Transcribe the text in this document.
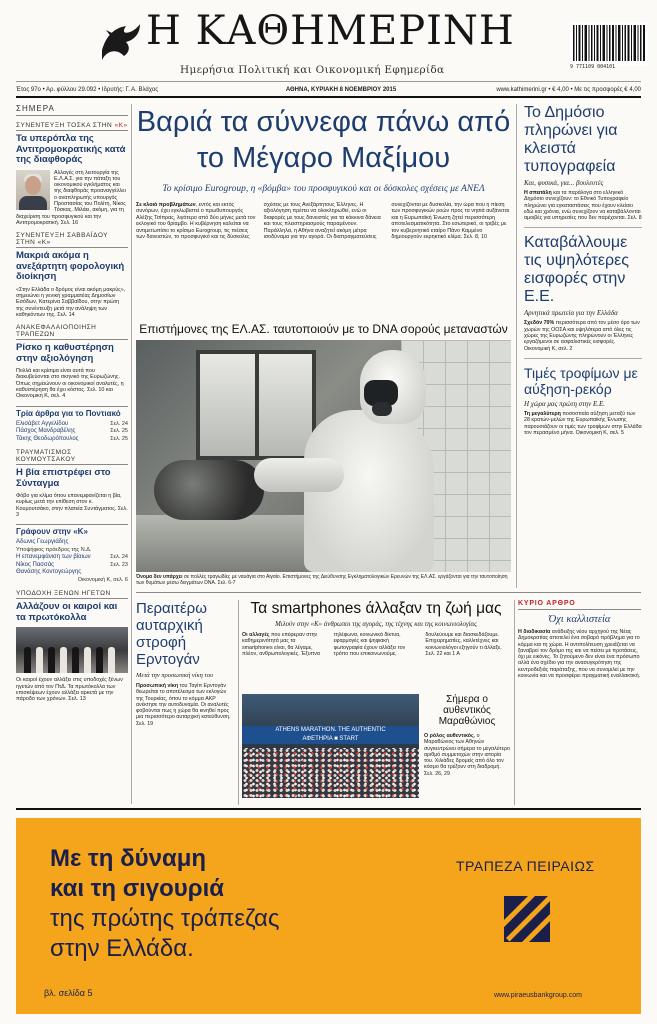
Η ΚΑΘΗΜΕΡΙΝΗ
Ημερήσια Πολιτική και Οικονομική Εφημερίδα	9 771109 004101
Έτος 97ο • Αρ. φύλλου 29.092 • Ιδρυτής: Γ. Α. Βλάχος	ΑΘΗΝΑ, ΚΥΡΙΑΚΗ 8 ΝΟΕΜΒΡΙΟΥ 2015	www.kathimerini.gr • € 4,00 • Με τις προσφορές € 4,00
ΣΗΜΕΡΑ
ΣΥΝΕΝΤΕΥΞΗ ΤΟΣΚΑ ΣΤΗΝ «Κ»
Τα υπερόπλα της Αντιτρομοκρατικής κατά της διαφθοράς
Αλλαγές στη λειτουργία της Ε.Λ.Α.Σ. για την πάταξη του οικονομικού εγκλήματος και της διαφθοράς προαναγγέλλει ο αναπληρωτής υπουργός Προστασίας του Πολίτη, Νίκος Τόσκας. Μιλάει, ακόμη, για τη διαχείριση του προσφυγικού και την Αντιτρομοκρατική. Σελ. 16
ΣΥΝΕΝΤΕΥΞΗ ΣΑΒΒΑΪΔΟΥ ΣΤΗΝ «Κ»
Μακριά ακόμα η ανεξάρτητη φορολογική διοίκηση
«Στην Ελλάδα ο δρόμος είναι ακόμη μακρύς», σημειώνει η γενική γραμματέας Δημοσίων Εσόδων, Κατερίνα Σαββαΐδου, στην πρώτη της συνέντευξη μετά την ανάληψη των καθηκόντων της. Σελ. 14
ΑΝΑΚΕΦΑΛΑΙΟΠΟΙΗΣΗ ΤΡΑΠΕΖΩΝ
Ρίσκο η καθυστέρηση στην αξιολόγηση
Πολλά και κρίσιμα είναι αυτά που διακυβεύονται στο σκηνικό της Ευρωζώνης. Όπως σημειώνουν οι οικονομικοί αναλυτές, η καθυστέρηση θα έχει κόστος. Σελ. 10 και Οικονομική Κ, σελ. 4
Τρία άρθρα για το Ποντιακό
Ελισάβετ Αγγελίδου	Σελ. 24
Πάσχος Μανδραβέλης	Σελ. 25
Τάκης Θεοδωρόπουλος	Σελ. 25
ΤΡΑΥΜΑΤΙΣΜΟΣ ΚΟΥΜΟΥΤΣΑΚΟΥ
Η βία επιστρέφει στο Σύνταγμα
Φόβο για κλίμα όπου επανεμφανίζεται η βία, κυρίως μετά την επίθεση στον κ. Κουμουτσάκο, στην πλατεία Συντάγματος. Σελ. 3
Γράφουν στην «Κ»
Αδωνις Γεωργιάδης
Υποψήφιος πρόεδρος της Ν.Δ.
Η επανεμφάνιση των βίαιων	Σελ. 24
Νίκος Πασσάς	Σελ. 23
Θανάσης Κοντογεώργης
Οικονομική Κ, σελ. 6
ΥΠΟΔΟΧΗ ΞΕΝΩΝ ΗΓΕΤΩΝ
Αλλάζουν οι καιροί και τα πρωτόκολλα
Οι καιροί έχουν αλλάξει στις υποδοχές ξένων ηγετών από τον ΠτΔ. Τα πρωτόκολλα των επισκέψεων έχουν αλλάξει αρκετά με την πάροδο των χρόνων. Σελ. 13
Βαριά τα σύννεφα πάνω από το Μέγαρο Μαξίμου
Το κρίσιμο Eurogroup, η «βόμβα» του προσφυγικού και οι δύσκολες σχέσεις με ΑΝΕΛ
Σε κλοιό προβλημάτων, εντός και εκτός συνόρων, έχει εγκλωβιστεί ο πρωθυπουργός Αλέξης Τσίπρας, λιγότερο από δύο μήνες μετά τον εκλογικό του θρίαμβο. Η κυβέρνηση καλείται να αντιμετωπίσει το κρίσιμο Eurogroup, τις πιέσεις των δανειστών, το προσφυγικό και τις δύσκολες σχέσεις με τους Ανεξάρτητους Έλληνες. Η αξιολόγηση πρέπει να ολοκληρωθεί, ενώ οι διαφορές με τους δανειστές για τα κόκκινα δάνεια και τους πλειστηριασμούς παραμένουν. Παράλληλα, η Αθήνα αναζητεί ακόμη μέτρα ισοδύναμα για την αγορά. Οι διαπραγματεύσεις συνεχίζονται με δυσκολία, την ώρα που η πίεση των προσφυγικών ροών προς τα νησιά αυξάνεται και η Ευρωπαϊκή Ένωση ζητεί περισσότερη αποτελεσματικότητα. Στο εσωτερικό, οι τριβές με τον κυβερνητικό εταίρο Πάνο Καμμένο δημιουργούν εκρηκτικό κλίμα. Σελ. 8, 10
Επιστήμονες της ΕΛ.ΑΣ. ταυτοποιούν με το DNA σορούς μεταναστών
Όνομα δεν υπάρχει σε πολλές τραγωδίες με ναυάγια στο Αιγαίο. Επιστήμονες της Διεύθυνσης Εγκληματολογικών Ερευνών της ΕΛ.ΑΣ. εργάζονται για την ταυτοποίηση των θυμάτων μέσω δειγμάτων DNA. Σελ. 6-7
Το Δημόσιο πληρώνει για κλειστά τυπογραφεία
Και, φυσικά, για... βουλευτές
Η σπατάλη και τα παράλογα στο ελληνικό Δημόσιο συνεχίζουν: το Εθνικό Τυπογραφείο πληρώνει για εγκαταστάσεις που έχουν κλείσει εδώ και χρόνια, ενώ συνεχίζουν να καταβάλλονται αμοιβές για υπηρεσίες που δεν παρέχονται. Σελ. 8
Καταβάλλουμε τις υψηλότερες εισφορές στην Ε.Ε.
Αρνητικά πρωτεία για την Ελλάδα
Σχεδόν 70% περισσότερα από τον μέσο όρο των χωρών της ΟΟΣΑ και υψηλότερα από όλες τις χώρες της Ευρωζώνης πληρώνουν οι Έλληνες εργαζόμενοι σε ασφαλιστικές εισφορές. Οικονομική Κ, σελ. 2
Τιμές τροφίμων με αύξηση-ρεκόρ
Η χώρα μας πρώτη στην Ε.Ε.
Τη μεγαλύτερη ποσοστιαία αύξηση μεταξύ των 28 κρατών-μελών της Ευρωπαϊκής Ένωσης παρουσιάζουν οι τιμές των τροφίμων στην Ελλάδα τον περασμένο μήνα. Οικονομική Κ, σελ. 5
Περαιτέρω αυταρχική στροφή Ερντογάν
Μετά την προσωπική νίκη του
Προσωπική νίκη του Ταγίπ Ερντογάν θεωρείται το αποτέλεσμα των εκλογών της Τουρκίας, όπου το κόμμα AKP ανέκτησε την αυτοδυναμία. Οι αναλυτές φοβούνται πως η χώρα θα κινηθεί προς μια περισσότερο αυταρχική κατεύθυνση. Σελ. 19
Τα smartphones άλλαξαν τη ζωή μας
Μιλούν στην «Κ» άνθρωποι της αγοράς, της τέχνης και της κοινωνιολογίας
Οι αλλαγές που επέφεραν στην καθημερινότητά μας τα smartphones είναι, θα λέγαμε, πλέον, ανθρωπολογικές. Έξυπνα τηλέφωνα, κοινωνικά δίκτυα, εφαρμογές και ψηφιακή φωτογραφία έχουν αλλάξει τον τρόπο που επικοινωνούμε, δουλεύουμε και διασκεδάζουμε. Επιχειρηματίες, καλλιτέχνες και κοινωνιολόγοι εξηγούν τι άλλαξε. Σελ. 22 και 1 Α
ATHENS MARATHON. THE AUTHENTIC
ΑΦΕΤΗΡΙΑ ■ START
Σήμερα ο αυθεντικός Μαραθώνιος
Ο ρόλος αυθεντικός, ο Μαραθώνιος των Αθηνών συγκεντρώνει σήμερα το μεγαλύτερο αριθμό συμμετοχών στην ιστορία του. Χιλιάδες δρομείς από όλο τον κόσμο θα τρέξουν στη διαδρομή. Σελ. 26, 29
ΚΥΡΙΟ ΑΡΘΡΟ
Όχι καλλιστεία
Η διαδικασία ανάδειξης νέου αρχηγού της Νέας Δημοκρατίας αποτελεί ένα σοβαρό πρόβλημα για το κόμμα και τη χώρα. Η αντιπολίτευση χρειάζεται να ξαναβρεί τον δρόμο της και να πείσει με προτάσεις, όχι με εικόνες. Το ζητούμενο δεν είναι ένα πρόσωπο αλλά ένα σχέδιο για την ανασυγκρότηση της κεντροδεξιάς παράταξης, που να συνομιλεί με την κοινωνία και να προσφέρει πραγματική εναλλακτική.
Με τη δύναμη
και τη σιγουριά
της πρώτης τράπεζας
στην Ελλάδα.
βλ. σελίδα 5
ΤΡΑΠΕΖΑ ΠΕΙΡΑΙΩΣ
www.piraeusbankgroup.com
